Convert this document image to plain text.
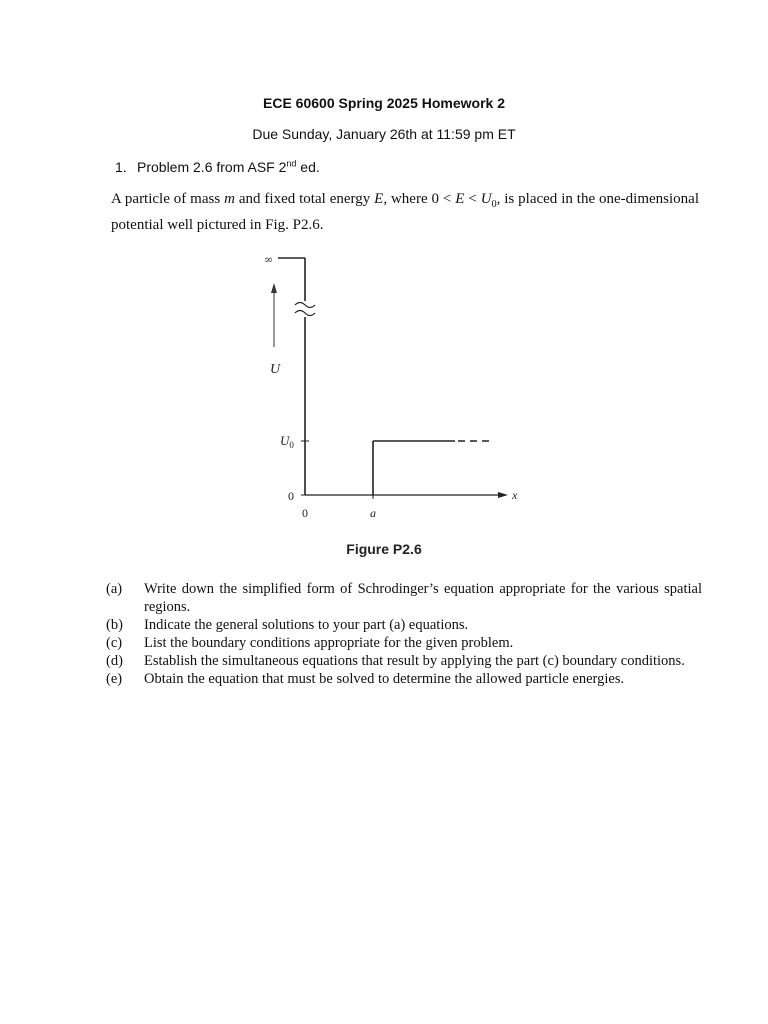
ECE 60600 Spring 2025 Homework 2
Due Sunday, January 26th at 11:59 pm ET
1. Problem 2.6 from ASF 2nd ed.
A particle of mass m and fixed total energy E, where $0 < E < U_0$, is placed in the one-dimensional potential well pictured in Fig. P2.6.
∞
U
$U_0$
0	x
0	a
Figure P2.6
(a) Write down the simplified form of Schrodinger’s equation appropriate for the various spatial regions.
(b) Indicate the general solutions to your part (a) equations.
(c) List the boundary conditions appropriate for the given problem.
(d) Establish the simultaneous equations that result by applying the part (c) boundary conditions.
(e) Obtain the equation that must be solved to determine the allowed particle energies.
